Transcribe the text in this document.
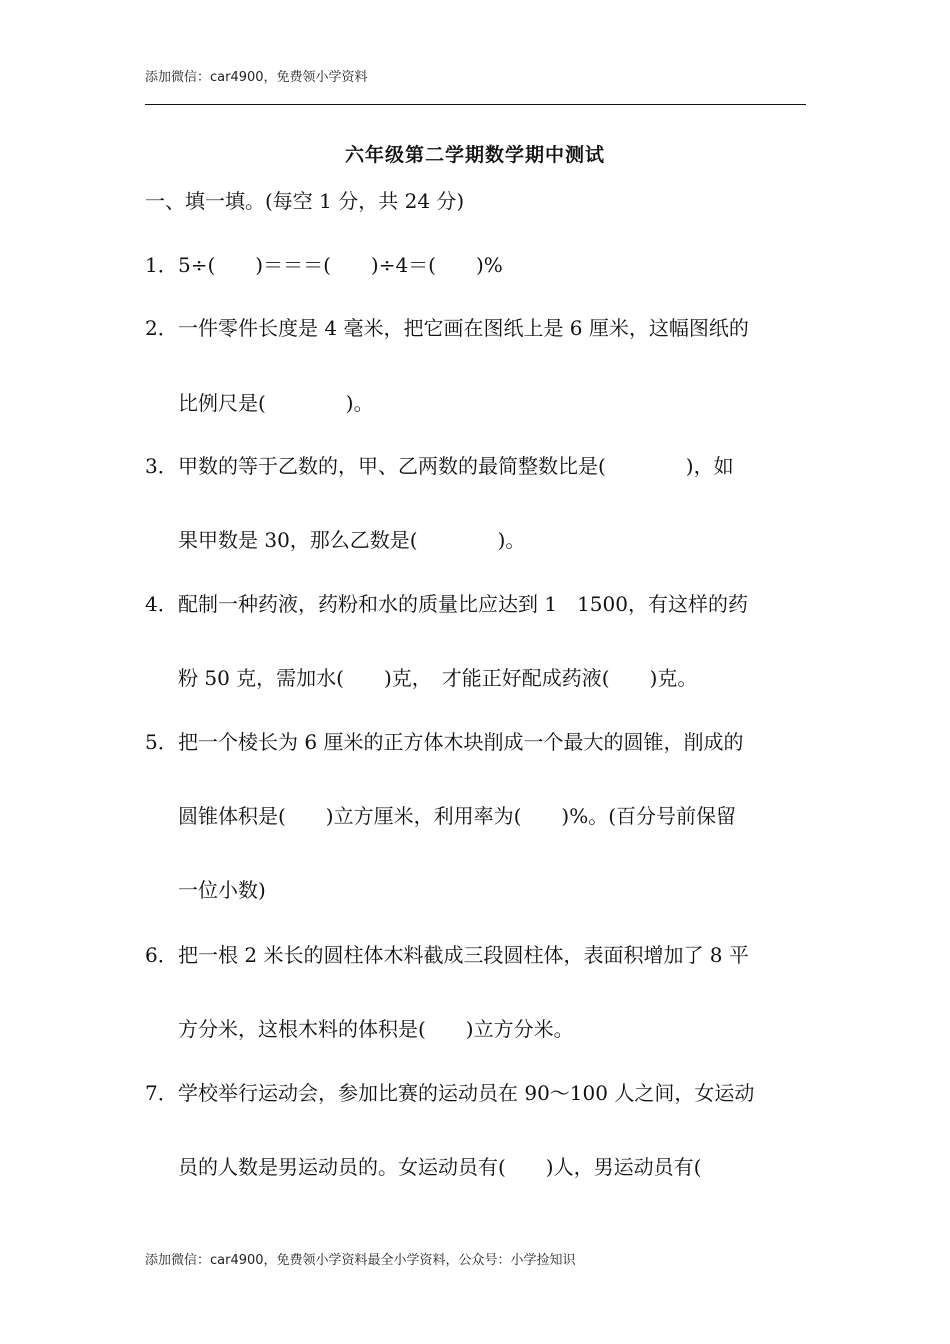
添加微信：car4900，免费领小学资料
六年级第二学期数学期中测试
一、填一填。(每空 1 分，共 24 分)
1． 5÷(　　)＝＝＝(　　)÷4＝(　　)%
2． 一件零件长度是 4 毫米，把它画在图纸上是 6 厘米，这幅图纸的
比例尺是(　　　　)。
3． 甲数的等于乙数的，甲、乙两数的最简整数比是(　　　　)，如
果甲数是 30，那么乙数是(　　　　)。
4． 配制一种药液，药粉和水的质量比应达到 1　1500，有这样的药
粉 50 克，需加水(　　)克，　才能正好配成药液(　　)克。
5． 把一个棱长为 6 厘米的正方体木块削成一个最大的圆锥，削成的
圆锥体积是(　　)立方厘米，利用率为(　　)%。(百分号前保留
一位小数)
6． 把一根 2 米长的圆柱体木料截成三段圆柱体，表面积增加了 8 平
方分米，这根木料的体积是(　　)立方分米。
7． 学校举行运动会，参加比赛的运动员在 90～100 人之间，女运动
员的人数是男运动员的。女运动员有(　　)人，男运动员有(
添加微信：car4900，免费领小学资料最全小学资料，公众号：小学捡知识
